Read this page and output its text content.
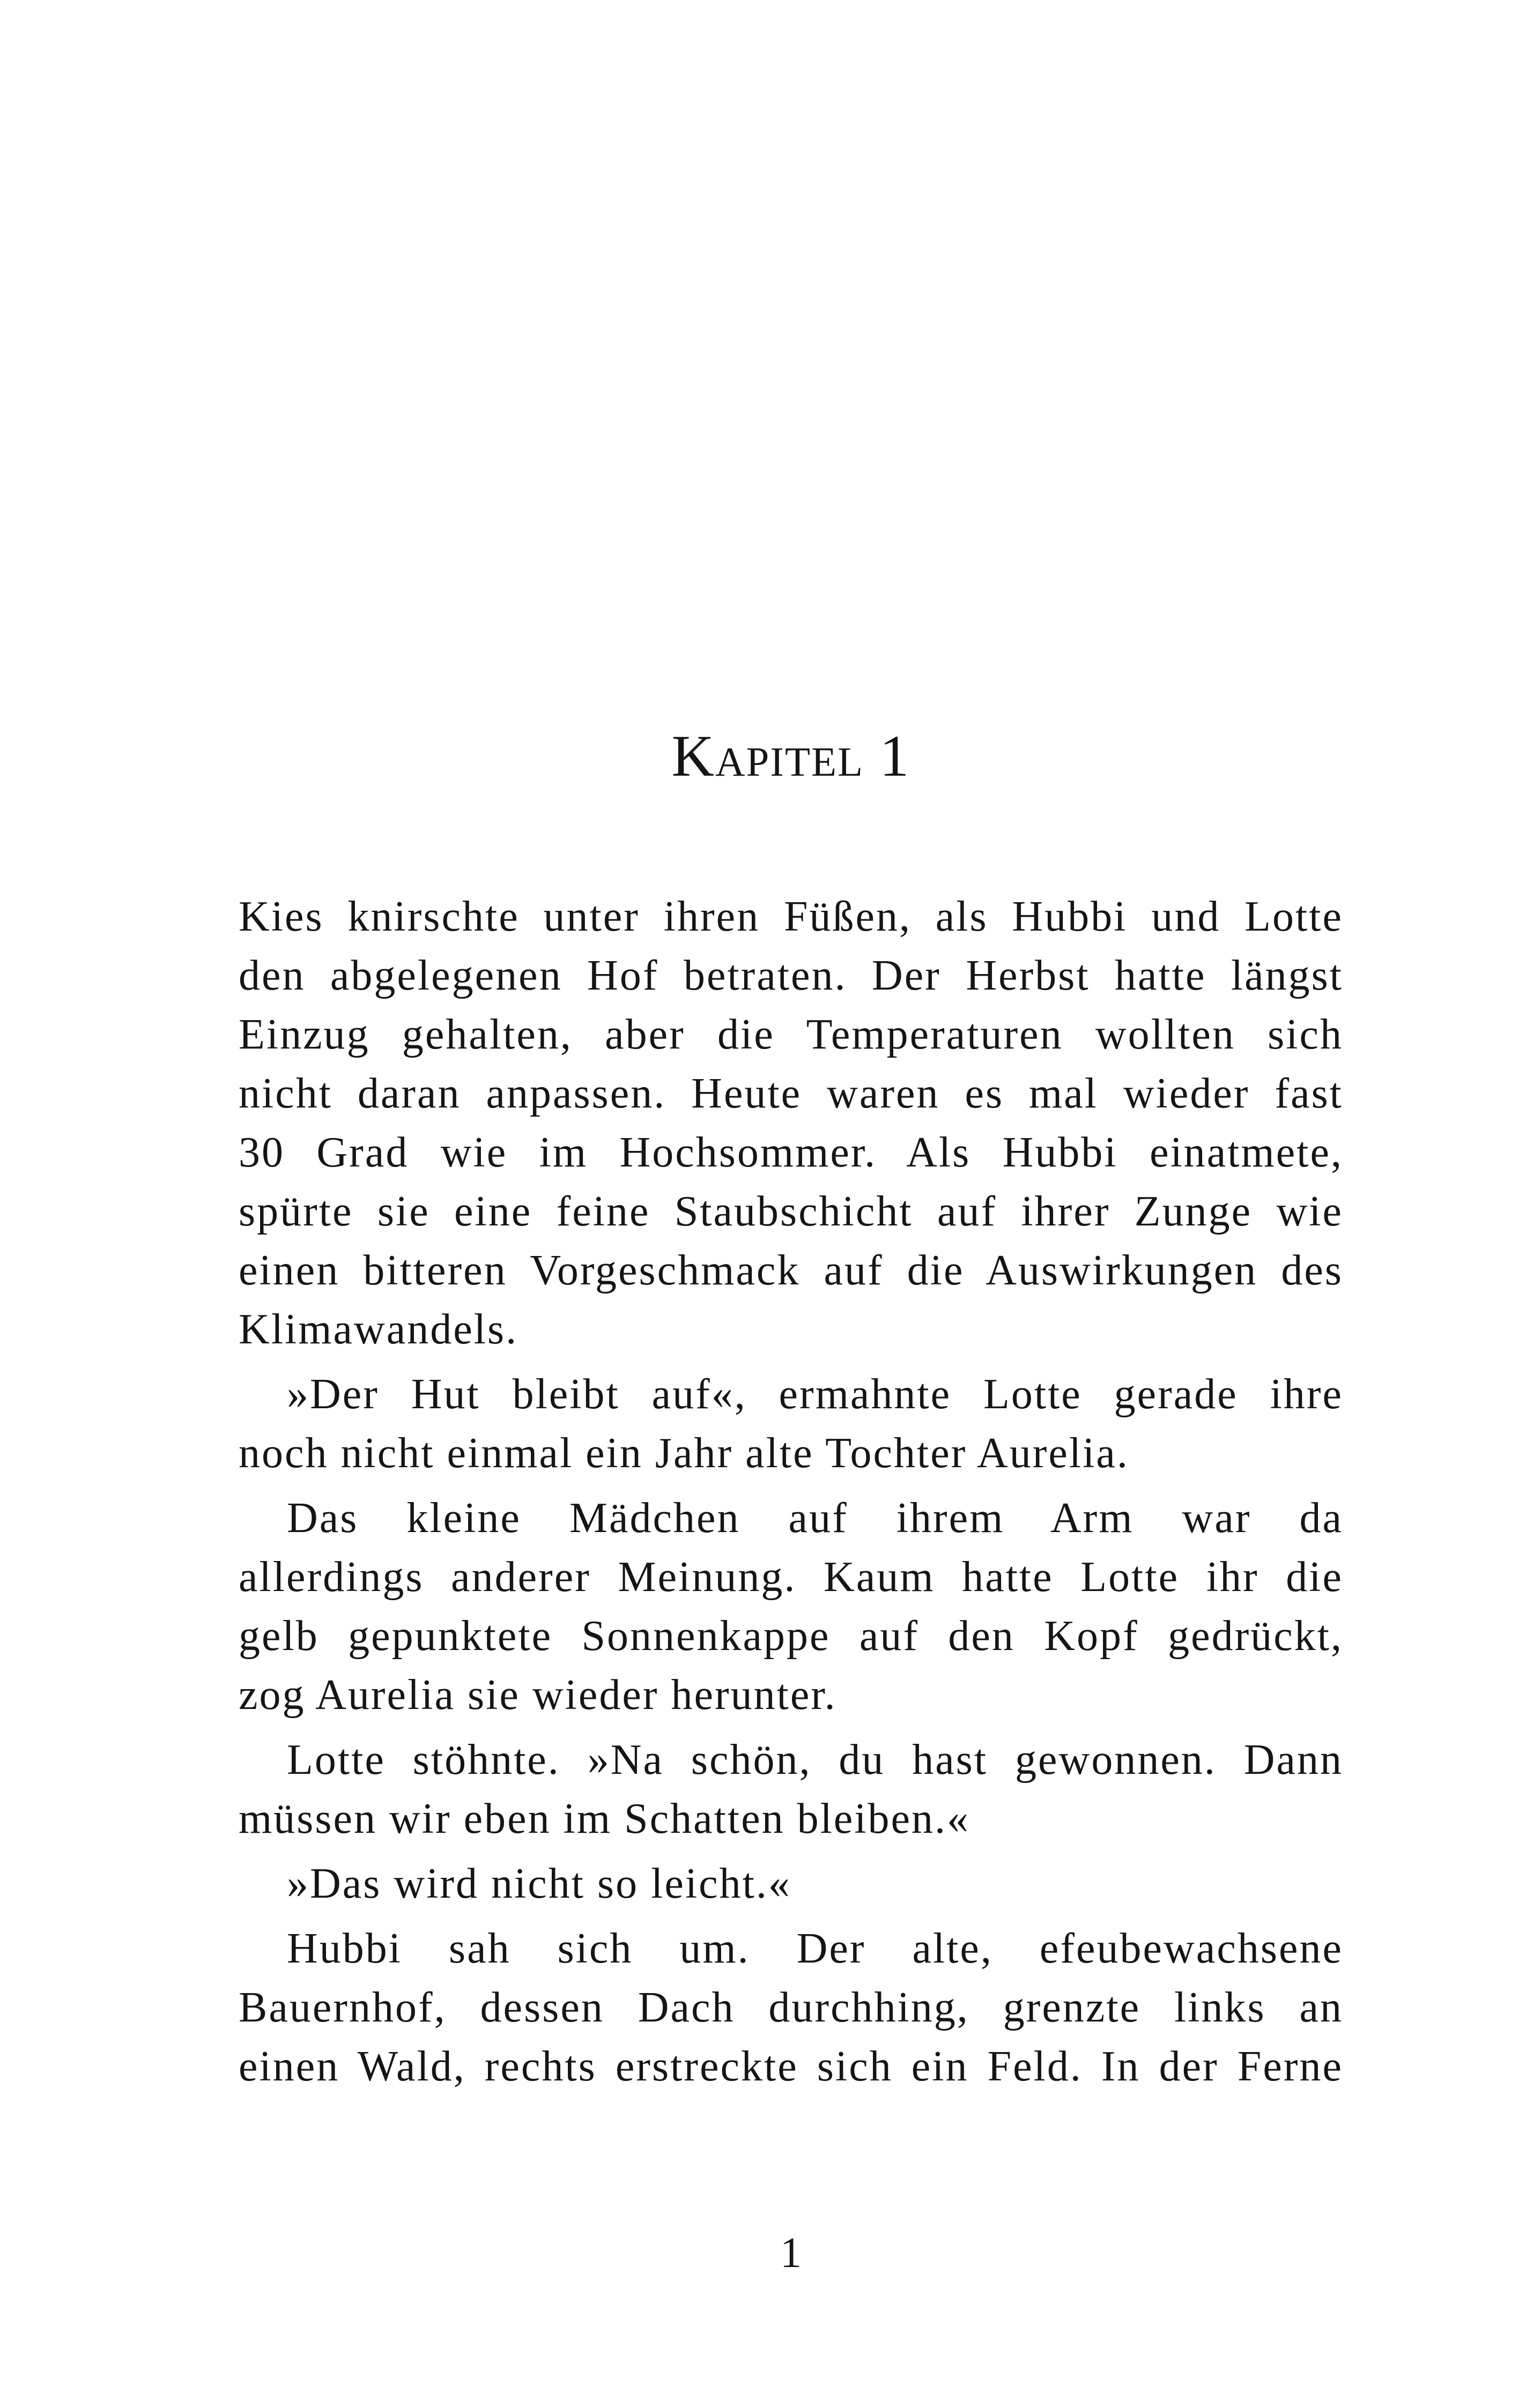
Kapitel 1
Kies knirschte unter ihren Füßen, als Hubbi und Lotte
den abgelegenen Hof betraten. Der Herbst hatte längst
Einzug gehalten, aber die Temperaturen wollten sich
nicht daran anpassen. Heute waren es mal wieder fast
30 Grad wie im Hochsommer. Als Hubbi einatmete,
spürte sie eine feine Staubschicht auf ihrer Zunge wie
einen bitteren Vorgeschmack auf die Auswirkungen des
Klimawandels.
»Der Hut bleibt auf«, ermahnte Lotte gerade ihre
noch nicht einmal ein Jahr alte Tochter Aurelia.
Das kleine Mädchen auf ihrem Arm war da
allerdings anderer Meinung. Kaum hatte Lotte ihr die
gelb gepunktete Sonnenkappe auf den Kopf gedrückt,
zog Aurelia sie wieder herunter.
Lotte stöhnte. »Na schön, du hast gewonnen. Dann
müssen wir eben im Schatten bleiben.«
»Das wird nicht so leicht.«
Hubbi sah sich um. Der alte, efeubewachsene
Bauernhof, dessen Dach durchhing, grenzte links an
einen Wald, rechts erstreckte sich ein Feld. In der Ferne
1
